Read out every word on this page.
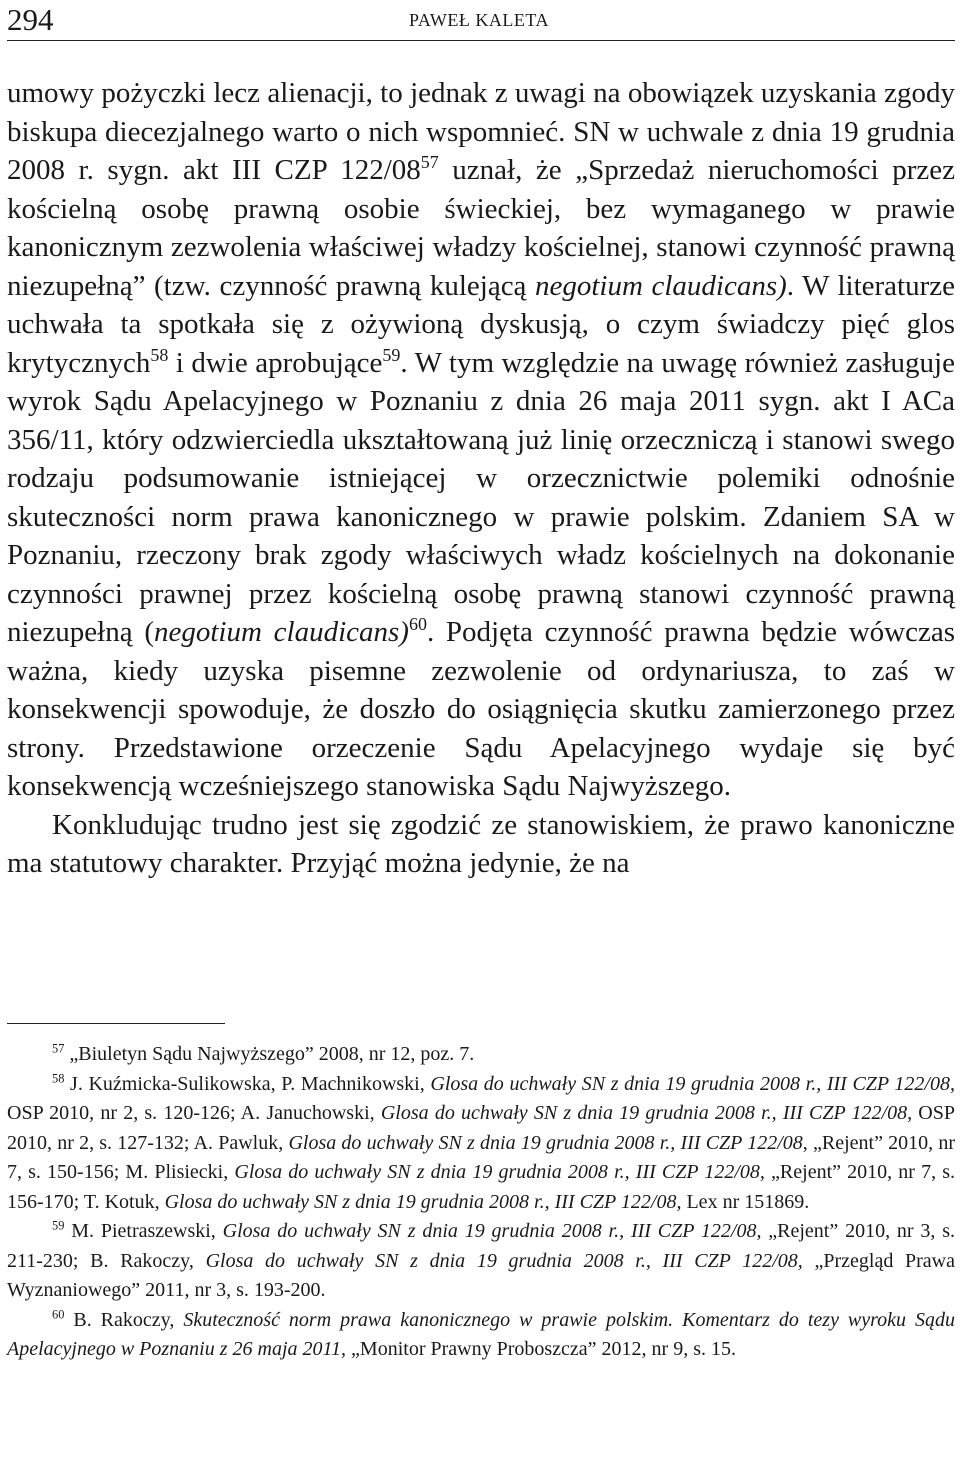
294	PAWEŁ KALETA

umowy pożyczki lecz alienacji, to jednak z uwagi na obowiązek uzyskania zgody biskupa diecezjalnego warto o nich wspomnieć. SN w uchwale z dnia 19 grudnia 2008 r. sygn. akt III CZP $122/08^{57}$ uznał, że „Sprzedaż nieruchomości przez kościelną osobę prawną osobie świeckiej, bez wymaganego w prawie kanonicznym zezwolenia właściwej władzy kościelnej, stanowi czynność prawną niezupełną” (tzw. czynność prawną kulejącą negotium claudicans). W literaturze uchwała ta spotkała się z ożywioną dyskusją, o czym świadczy pięć glos krytycznych$^{58}$ i dwie aprobujące$^{59}$. W tym względzie na uwagę również zasługuje wyrok Sądu Apelacyjnego w Poznaniu z dnia 26 maja 2011 sygn. akt I ACa 356/11, który odzwierciedla ukształtowaną już linię orzeczniczą i stanowi swego rodzaju podsumowanie istniejącej w orzecznictwie polemiki odnośnie skuteczności norm prawa kanonicznego w prawie polskim. Zdaniem SA w Poznaniu, rzeczony brak zgody właściwych władz kościelnych na dokonanie czynności prawnej przez kościelną osobę prawną stanowi czynność prawną niezupełną (negotium claudicans)$^{60}$. Podjęta czynność prawna będzie wówczas ważna, kiedy uzyska pisemne zezwolenie od ordynariusza, to zaś w konsekwencji spowoduje, że doszło do osiągnięcia skutku zamierzonego przez strony. Przedstawione orzeczenie Sądu Apelacyjnego wydaje się być konsekwencją wcześniejszego stanowiska Sądu Najwyższego.

Konkludując trudno jest się zgodzić ze stanowiskiem, że prawo kanoniczne ma statutowy charakter. Przyjąć można jedynie, że na

$^{57}$ „Biuletyn Sądu Najwyższego” 2008, nr 12, poz. 7.

$^{58}$ J. Kuźmicka-Sulikowska, P. Machnikowski, Glosa do uchwały SN z dnia 19 grudnia 2008 r., III CZP 122/08, OSP 2010, nr 2, s. 120-126; A. Januchowski, Glosa do uchwały SN z dnia 19 grudnia 2008 r., III CZP 122/08, OSP 2010, nr 2, s. 127-132; A. Pawluk, Glosa do uchwały SN z dnia 19 grudnia 2008 r., III CZP 122/08, „Rejent” 2010, nr 7, s. 150-156; M. Plisiecki, Glosa do uchwały SN z dnia 19 grudnia 2008 r., III CZP 122/08, „Rejent” 2010, nr 7, s. 156-170; T. Kotuk, Glosa do uchwały SN z dnia 19 grudnia 2008 r., III CZP 122/08, Lex nr 151869.

$^{59}$ M. Pietraszewski, Glosa do uchwały SN z dnia 19 grudnia 2008 r., III CZP 122/08, „Rejent” 2010, nr 3, s. 211-230; B. Rakoczy, Glosa do uchwały SN z dnia 19 grudnia 2008 r., III CZP 122/08, „Przegląd Prawa Wyznaniowego” 2011, nr 3, s. 193-200.

$^{60}$ B. Rakoczy, Skuteczność norm prawa kanonicznego w prawie polskim. Komentarz do tezy wyroku Sądu Apelacyjnego w Poznaniu z 26 maja 2011, „Monitor Prawny Proboszcza” 2012, nr 9, s. 15.
